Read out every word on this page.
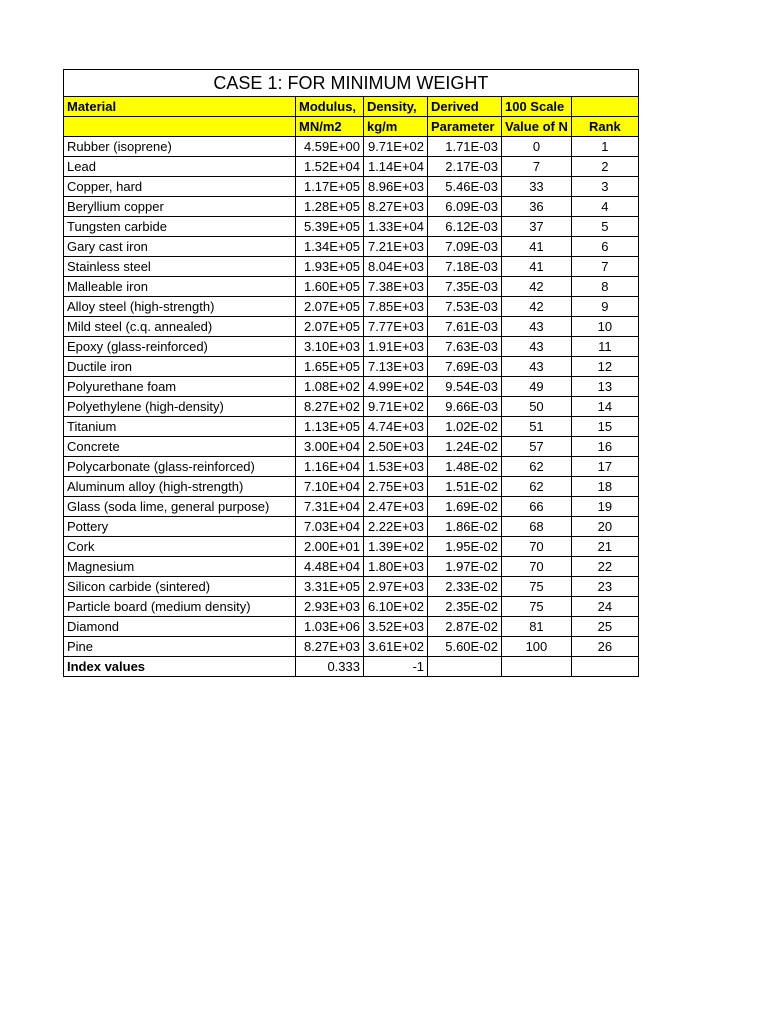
CASE 1: FOR MINIMUM WEIGHT					
Material	Modulus,	Density,	Derived	100 Scale	
	MN/m2	kg/m	Parameter	Value of N	Rank
Rubber (isoprene)	4.59E+00	9.71E+02	1.71E-03	0	1
Lead	1.52E+04	1.14E+04	2.17E-03	7	2
Copper, hard	1.17E+05	8.96E+03	5.46E-03	33	3
Beryllium copper	1.28E+05	8.27E+03	6.09E-03	36	4
Tungsten carbide	5.39E+05	1.33E+04	6.12E-03	37	5
Gary cast iron	1.34E+05	7.21E+03	7.09E-03	41	6
Stainless steel	1.93E+05	8.04E+03	7.18E-03	41	7
Malleable iron	1.60E+05	7.38E+03	7.35E-03	42	8
Alloy steel (high-strength)	2.07E+05	7.85E+03	7.53E-03	42	9
Mild steel (c.q. annealed)	2.07E+05	7.77E+03	7.61E-03	43	10
Epoxy (glass-reinforced)	3.10E+03	1.91E+03	7.63E-03	43	11
Ductile iron	1.65E+05	7.13E+03	7.69E-03	43	12
Polyurethane foam	1.08E+02	4.99E+02	9.54E-03	49	13
Polyethylene (high-density)	8.27E+02	9.71E+02	9.66E-03	50	14
Titanium	1.13E+05	4.74E+03	1.02E-02	51	15
Concrete	3.00E+04	2.50E+03	1.24E-02	57	16
Polycarbonate (glass-reinforced)	1.16E+04	1.53E+03	1.48E-02	62	17
Aluminum alloy (high-strength)	7.10E+04	2.75E+03	1.51E-02	62	18
Glass (soda lime, general purpose)	7.31E+04	2.47E+03	1.69E-02	66	19
Pottery	7.03E+04	2.22E+03	1.86E-02	68	20
Cork	2.00E+01	1.39E+02	1.95E-02	70	21
Magnesium	4.48E+04	1.80E+03	1.97E-02	70	22
Silicon carbide (sintered)	3.31E+05	2.97E+03	2.33E-02	75	23
Particle board (medium density)	2.93E+03	6.10E+02	2.35E-02	75	24
Diamond	1.03E+06	3.52E+03	2.87E-02	81	25
Pine	8.27E+03	3.61E+02	5.60E-02	100	26
Index values	0.333	-1			
